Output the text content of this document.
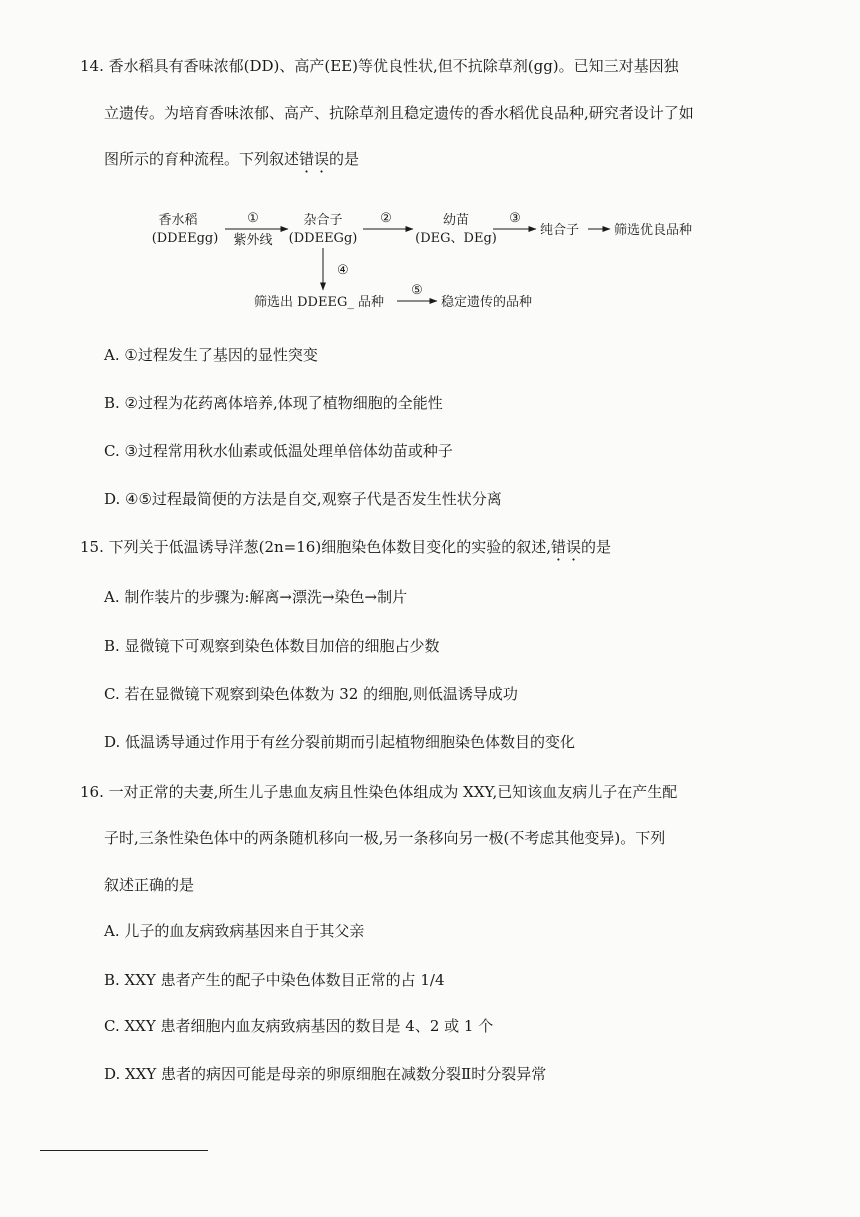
14. 香水稻具有香味浓郁(DD)、高产(EE)等优良性状,但不抗除草剂(gg)。已知三对基因独
立遗传。为培育香味浓郁、高产、抗除草剂且稳定遗传的香水稻优良品种,研究者设计了如
图所示的育种流程。下列叙述错误的是
香水稻
(DDEEgg)
①
紫外线
杂合子
(DDEEGg)
②	幼苗
(DEG、DEg)
③
纯合子	筛选优良品种
④
筛选出 DDEEG_ 品种
⑤
稳定遗传的品种
A. ①过程发生了基因的显性突变
B. ②过程为花药离体培养,体现了植物细胞的全能性
C. ③过程常用秋水仙素或低温处理单倍体幼苗或种子
D. ④⑤过程最简便的方法是自交,观察子代是否发生性状分离
15. 下列关于低温诱导洋葱(2n=16)细胞染色体数目变化的实验的叙述,错误的是
A. 制作装片的步骤为:解离→漂洗→染色→制片
B. 显微镜下可观察到染色体数目加倍的细胞占少数
C. 若在显微镜下观察到染色体数为 32 的细胞,则低温诱导成功
D. 低温诱导通过作用于有丝分裂前期而引起植物细胞染色体数目的变化
16. 一对正常的夫妻,所生儿子患血友病且性染色体组成为 XXY,已知该血友病儿子在产生配
子时,三条性染色体中的两条随机移向一极,另一条移向另一极(不考虑其他变异)。下列
叙述正确的是
A. 儿子的血友病致病基因来自于其父亲
B. XXY 患者产生的配子中染色体数目正常的占 1/4
C. XXY 患者细胞内血友病致病基因的数目是 4、2 或 1 个
D. XXY 患者的病因可能是母亲的卵原细胞在减数分裂Ⅱ时分裂异常
